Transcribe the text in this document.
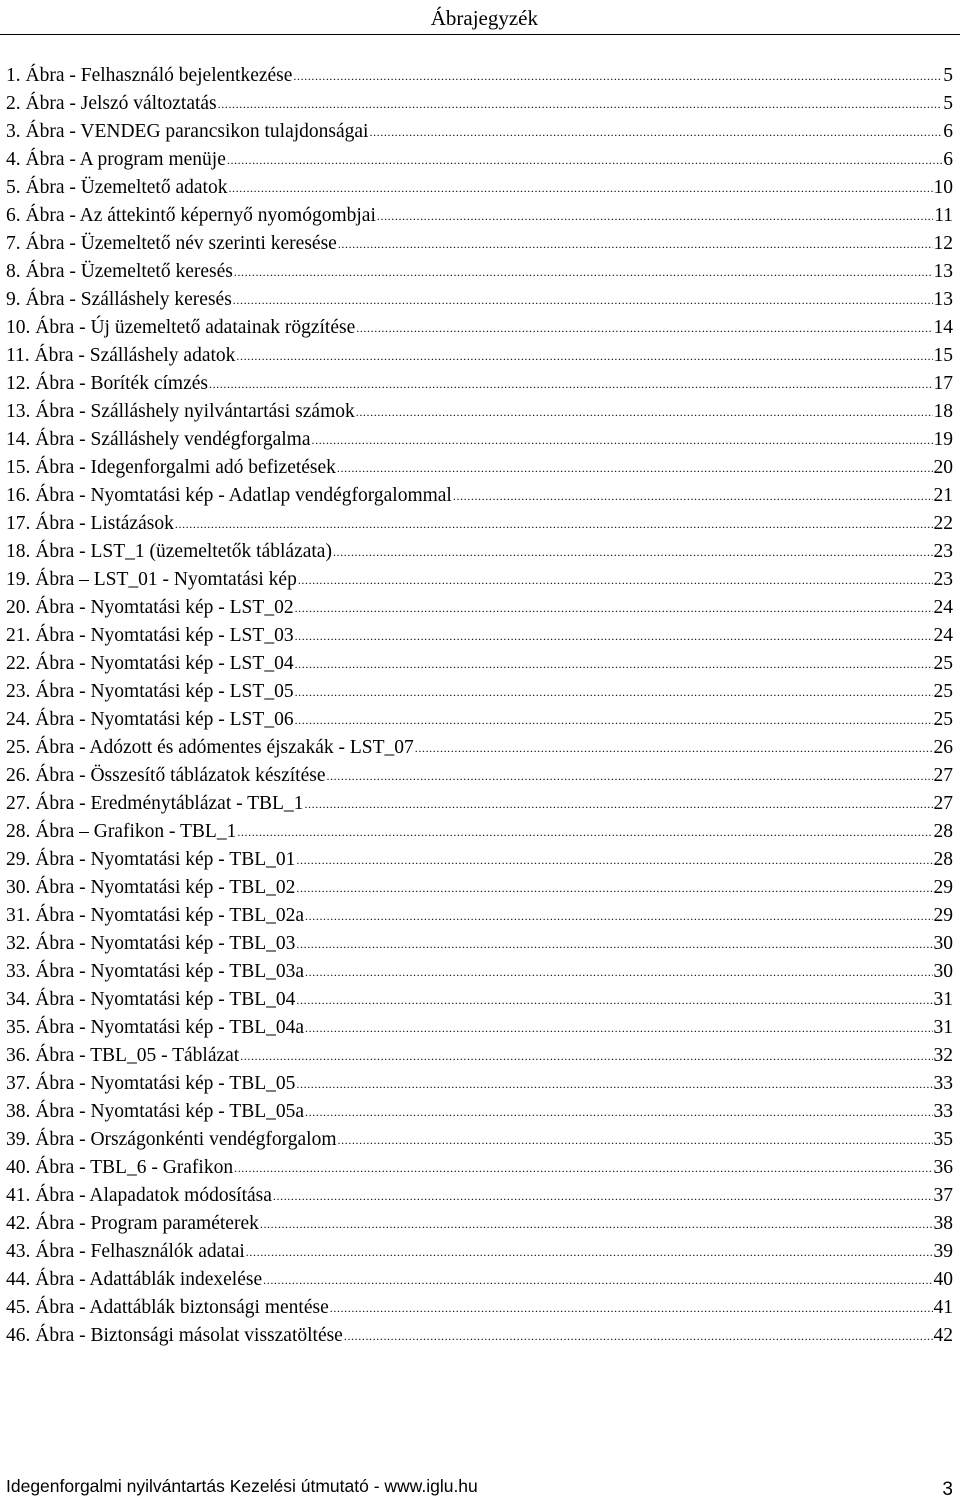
Ábrajegyzék
1. Ábra - Felhasználó bejelentkezése .....	5
2. Ábra - Jelszó változtatás .....	5
3. Ábra - VENDEG parancsikon tulajdonságai .....	6
4. Ábra - A program menüje .....	6
5. Ábra - Üzemeltető adatok .....	10
6. Ábra - Az áttekintő képernyő nyomógombjai .....	11
7. Ábra - Üzemeltető név szerinti keresése .....	12
8. Ábra - Üzemeltető keresés .....	13
9. Ábra - Szálláshely keresés .....	13
10. Ábra - Új üzemeltető adatainak rögzítése .....	14
11. Ábra - Szálláshely adatok .....	15
12. Ábra - Boríték címzés .....	17
13. Ábra - Szálláshely nyilvántartási számok .....	18
14. Ábra - Szálláshely vendégforgalma .....	19
15. Ábra - Idegenforgalmi adó befizetések .....	20
16. Ábra - Nyomtatási kép - Adatlap vendégforgalommal .....	21
17. Ábra - Listázások .....	22
18. Ábra - LST_1 (üzemeltetők táblázata) .....	23
19. Ábra – LST_01 - Nyomtatási kép .....	23
20. Ábra - Nyomtatási kép - LST_02 .....	24
21. Ábra - Nyomtatási kép - LST_03 .....	24
22. Ábra - Nyomtatási kép - LST_04 .....	25
23. Ábra - Nyomtatási kép - LST_05 .....	25
24. Ábra - Nyomtatási kép - LST_06 .....	25
25. Ábra - Adózott és adómentes éjszakák - LST_07 .....	26
26. Ábra - Összesítő táblázatok készítése .....	27
27. Ábra - Eredménytáblázat - TBL_1 .....	27
28. Ábra – Grafikon - TBL_1 .....	28
29. Ábra - Nyomtatási kép - TBL_01 .....	28
30. Ábra - Nyomtatási kép - TBL_02 .....	29
31. Ábra - Nyomtatási kép - TBL_02a .....	29
32. Ábra - Nyomtatási kép - TBL_03 .....	30
33. Ábra - Nyomtatási kép - TBL_03a .....	30
34. Ábra - Nyomtatási kép - TBL_04 .....	31
35. Ábra - Nyomtatási kép - TBL_04a .....	31
36. Ábra - TBL_05 - Táblázat .....	32
37. Ábra - Nyomtatási kép - TBL_05 .....	33
38. Ábra - Nyomtatási kép - TBL_05a .....	33
39. Ábra - Országonkénti vendégforgalom .....	35
40. Ábra - TBL_6 - Grafikon .....	36
41. Ábra - Alapadatok módosítása .....	37
42. Ábra - Program paraméterek .....	38
43. Ábra - Felhasználók adatai .....	39
44. Ábra - Adattáblák indexelése .....	40
45. Ábra - Adattáblák biztonsági mentése .....	41
46. Ábra - Biztonsági másolat visszatöltése .....	42
Idegenforgalmi nyilvántartás Kezelési útmutató - www.iglu.hu	3
